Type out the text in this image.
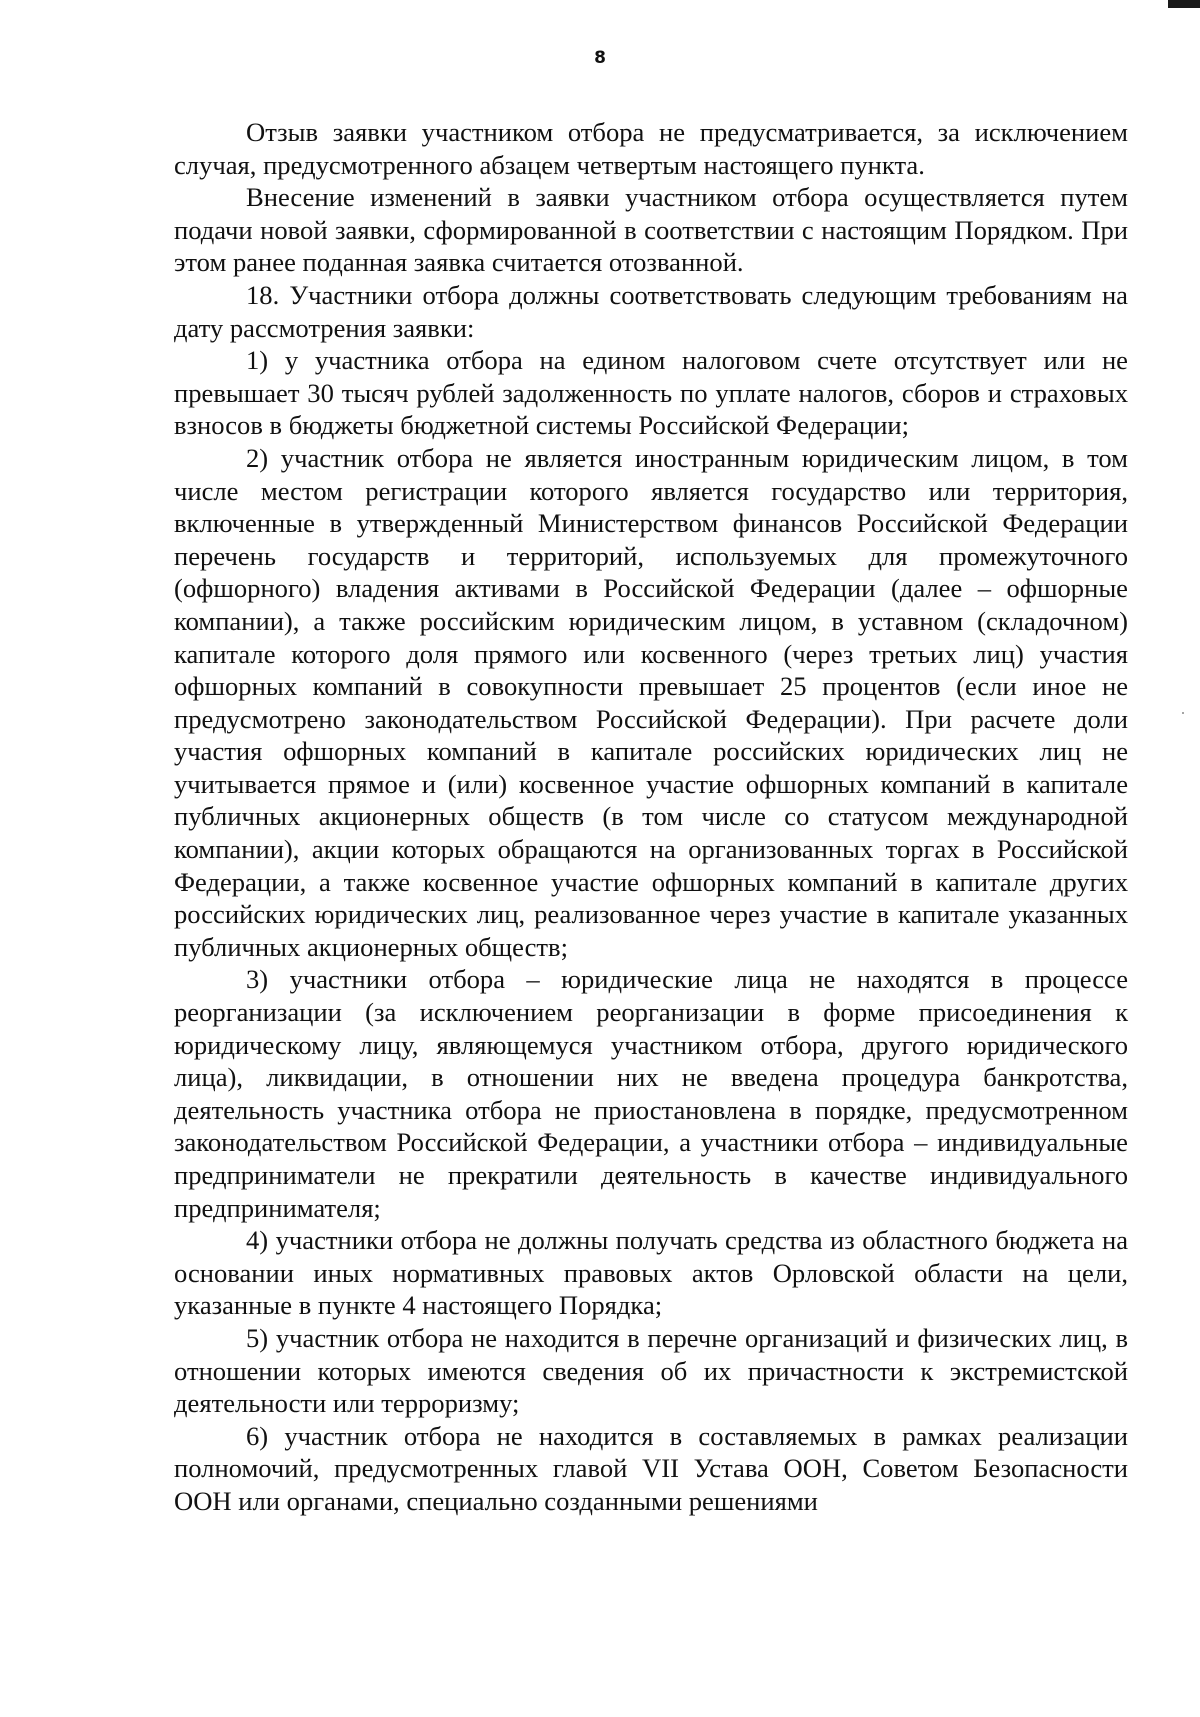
8

Отзыв заявки участником отбора не предусматривается, за исключением случая, предусмотренного абзацем четвертым настоящего пункта.

Внесение изменений в заявки участником отбора осуществляется путем подачи новой заявки, сформированной в соответствии с настоящим Порядком. При этом ранее поданная заявка считается отозванной.

18. Участники отбора должны соответствовать следующим требованиям на дату рассмотрения заявки:

1) у участника отбора на едином налоговом счете отсутствует или не превышает 30 тысяч рублей задолженность по уплате налогов, сборов и страховых взносов в бюджеты бюджетной системы Российской Федерации;

2) участник отбора не является иностранным юридическим лицом, в том числе местом регистрации которого является государство или территория, включенные в утвержденный Министерством финансов Российской Федерации перечень государств и территорий, используемых для промежуточного (офшорного) владения активами в Российской Федерации (далее – офшорные компании), а также российским юридическим лицом, в уставном (складочном) капитале которого доля прямого или косвенного (через третьих лиц) участия офшорных компаний в совокупности превышает 25 процентов (если иное не предусмотрено законодательством Российской Федерации). При расчете доли участия офшорных компаний в капитале российских юридических лиц не учитывается прямое и (или) косвенное участие офшорных компаний в капитале публичных акционерных обществ (в том числе со статусом международной компании), акции которых обращаются на организованных торгах в Российской Федерации, а также косвенное участие офшорных компаний в капитале других российских юридических лиц, реализованное через участие в капитале указанных публичных акционерных обществ;

3) участники отбора – юридические лица не находятся в процессе реорганизации (за исключением реорганизации в форме присоединения к юридическому лицу, являющемуся участником отбора, другого юридического лица), ликвидации, в отношении них не введена процедура банкротства, деятельность участника отбора не приостановлена в порядке, предусмотренном законодательством Российской Федерации, а участники отбора – индивидуальные предприниматели не прекратили деятельность в качестве индивидуального предпринимателя;

4) участники отбора не должны получать средства из областного бюджета на основании иных нормативных правовых актов Орловской области на цели, указанные в пункте 4 настоящего Порядка;

5) участник отбора не находится в перечне организаций и физических лиц, в отношении которых имеются сведения об их причастности к экстремистской деятельности или терроризму;

6) участник отбора не находится в составляемых в рамках реализации полномочий, предусмотренных главой VII Устава ООН, Советом Безопасности ООН или органами, специально созданными решениями
